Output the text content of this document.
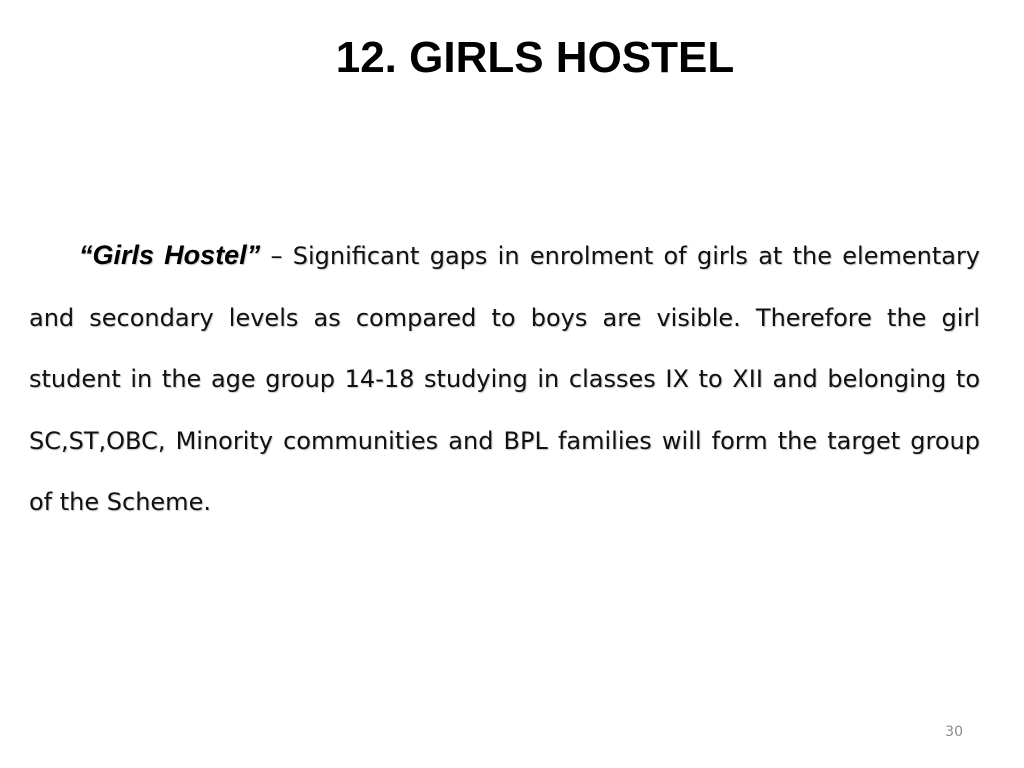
12. GIRLS HOSTEL

“Girls Hostel” – Significant gaps in enrolment of girls at the elementary and secondary levels as compared to boys are visible. Therefore the girl student in the age group 14-18 studying in classes IX to XII and belonging to SC,ST,OBC, Minority communities and BPL families will form the target group of the Scheme.

30
